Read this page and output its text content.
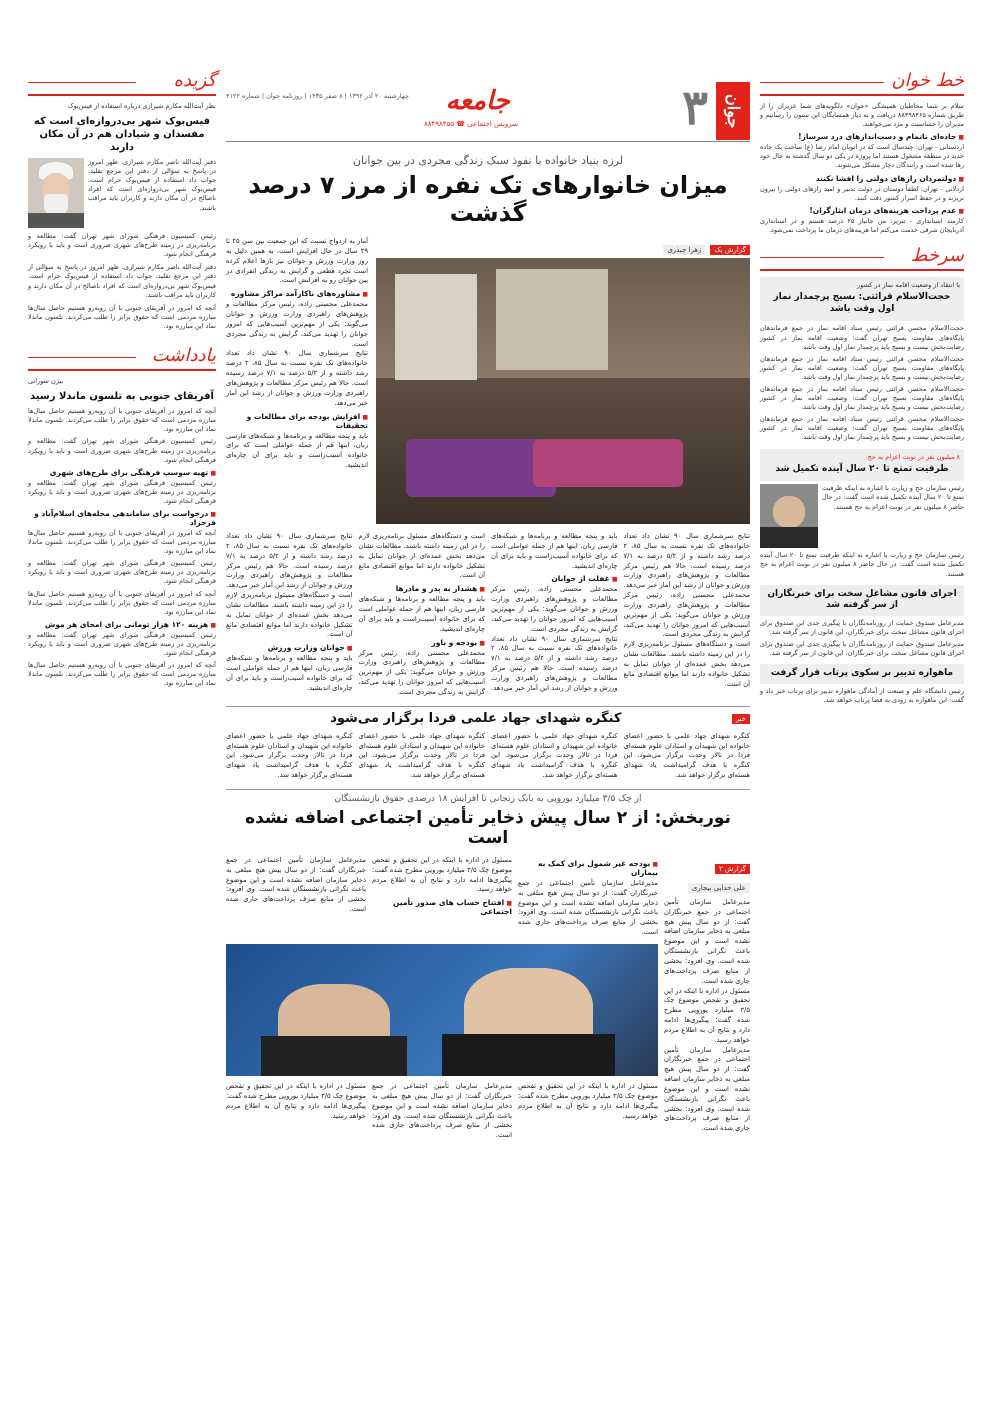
جوان
۳
جامعه
سرویس اجتماعی ☎ ۸۸۴۹۸۴۵۵
چهارشنبه ۲۰ آذر ۱۳۹۲ | ۸ صفر ۱۴۳۵ | روزنامه جوان | شماره ۴۱۲۲
گزیده
نظر آیت‌الله مکارم شیرازی درباره استفاده از فیس‌بوک
فیس‌بوک شهر بی‌دروازه‌ای است که مفسدان و شیادان هم در آن مکان دارند
دفتر آیت‌الله ناصر مکارم شیرازی، ظهر امروز در پاسخ به سؤالی از دفتر این مرجع تقلید، جواب داد استفاده از فیس‌بوک حرام است. فیس‌بوک شهر بی‌دروازه‌ای است که افراد ناصالح در آن مکان دارند و کاربران باید مراقب باشند.
رئیس کمیسیون فرهنگی شورای شهر تهران گفت: مطالعه و برنامه‌ریزی در زمینه طرح‌های شهری ضروری است و باید با رویکرد فرهنگی انجام شود.
دفتر آیت‌الله ناصر مکارم شیرازی، ظهر امروز در پاسخ به سؤالی از دفتر این مرجع تقلید، جواب داد استفاده از فیس‌بوک حرام است. فیس‌بوک شهر بی‌دروازه‌ای است که افراد ناصالح در آن مکان دارند و کاربران باید مراقب باشند.
آنچه که امروز در آفریقای جنوبی با آن روبه‌رو هستیم حاصل سال‌ها مبارزه مردمی است که حقوق برابر را طلب می‌کردند. نلسون ماندلا نماد این مبارزه بود.
یادداشت
بیژن سورانی
آفریقای جنوبی به تلسون ماندلا رسید
آنچه که امروز در آفریقای جنوبی با آن روبه‌رو هستیم حاصل سال‌ها مبارزه مردمی است که حقوق برابر را طلب می‌کردند. نلسون ماندلا نماد این مبارزه بود.
رئیس کمیسیون فرهنگی شورای شهر تهران گفت: مطالعه و برنامه‌ریزی در زمینه طرح‌های شهری ضروری است و باید با رویکرد فرهنگی انجام شود.
■ تهیه سوسپ فرهنگی برای طرح‌های شهری
رئیس کمیسیون فرهنگی شورای شهر تهران گفت: مطالعه و برنامه‌ریزی در زمینه طرح‌های شهری ضروری است و باید با رویکرد فرهنگی انجام شود.
■ درخواست برای ساماندهی محله‌های اسلام‌آباد و فرحزاد
آنچه که امروز در آفریقای جنوبی با آن روبه‌رو هستیم حاصل سال‌ها مبارزه مردمی است که حقوق برابر را طلب می‌کردند. نلسون ماندلا نماد این مبارزه بود.
رئیس کمیسیون فرهنگی شورای شهر تهران گفت: مطالعه و برنامه‌ریزی در زمینه طرح‌های شهری ضروری است و باید با رویکرد فرهنگی انجام شود.
آنچه که امروز در آفریقای جنوبی با آن روبه‌رو هستیم حاصل سال‌ها مبارزه مردمی است که حقوق برابر را طلب می‌کردند. نلسون ماندلا نماد این مبارزه بود.
■ هزینه ۱۲۰ هزار تومانی برای امحای هر موش
رئیس کمیسیون فرهنگی شورای شهر تهران گفت: مطالعه و برنامه‌ریزی در زمینه طرح‌های شهری ضروری است و باید با رویکرد فرهنگی انجام شود.
آنچه که امروز در آفریقای جنوبی با آن روبه‌رو هستیم حاصل سال‌ها مبارزه مردمی است که حقوق برابر را طلب می‌کردند. نلسون ماندلا نماد این مبارزه بود.
لرزه بنیاد خانواده با نفوذ سبک زندگی مجردی در بین جوانان
میزان خانوارهای تک نفره از مرز ۷ درصد گذشت
گزارش یک زهرا چیذری
آمار به ازدواج نسبت که این جمعیت بین سن ۲۵ تا ۲۹ سال در حال افزایش است. به همین دلیل به روز وزارت ورزش و جوانان نیز بارها اعلام کرده است تجرد قطعی و گرایش به زندگی انفرادی در بین جوانان رو به افزایش است.
■ مشاوره‌های ناکارآمد مراکز مشاوره
محمدعلی محسنی زاده، رئیس مرکز مطالعات و پژوهش‌های راهبردی وزارت ورزش و جوانان می‌گوید: یکی از مهم‌ترین آسیب‌هایی که امروز جوانان را تهدید می‌کند، گرایش به زندگی مجردی است.
تتایج سرشماری سال ۹۰ نشان داد تعداد خانواده‌های تک نفره نسبت به سال ۸۵، ۲ درصد رشد داشته و از ۵/۲ درصد به ۷/۱ درصد رسیده است. حالا هم رئیس مرکز مطالعات و پژوهش‌های راهبردی وزارت ورزش و جوانان از رشد این آمار خبر می‌دهد.
■ افزایش بودجه برای مطالعات و تحقیقات
باید و پنجه مطالعه و برنامه‌ها و شبکه‌های فارسی زبان، اینها هم از جمله عواملی است که برای خانواده آسیب‌زاست و باید برای آن چاره‌ای اندیشید.
تتایج سرشماری سال ۹۰ نشان داد تعداد خانواده‌های تک نفره نسبت به سال ۸۵، ۲ درصد رشد داشته و از ۵/۲ درصد به ۷/۱ درصد رسیده است. حالا هم رئیس مرکز مطالعات و پژوهش‌های راهبردی وزارت ورزش و جوانان از رشد این آمار خبر می‌دهد.
محمدعلی محسنی زاده، رئیس مرکز مطالعات و پژوهش‌های راهبردی وزارت ورزش و جوانان می‌گوید: یکی از مهم‌ترین آسیب‌هایی که امروز جوانان را تهدید می‌کند، گرایش به زندگی مجردی است.
است و دستگاه‌های مسئول برنامه‌ریزی لازم را در این زمینه داشته باشند. مطالعات نشان می‌دهد بخش عمده‌ای از جوانان تمایل به تشکیل خانواده دارند اما موانع اقتصادی مانع آن است.
باید و پنجه مطالعه و برنامه‌ها و شبکه‌های فارسی زبان، اینها هم از جمله عواملی است که برای خانواده آسیب‌زاست و باید برای آن چاره‌ای اندیشید.
■ غفلت از جوانان
محمدعلی محسنی زاده، رئیس مرکز مطالعات و پژوهش‌های راهبردی وزارت ورزش و جوانان می‌گوید: یکی از مهم‌ترین آسیب‌هایی که امروز جوانان را تهدید می‌کند، گرایش به زندگی مجردی است.
تتایج سرشماری سال ۹۰ نشان داد تعداد خانواده‌های تک نفره نسبت به سال ۸۵، ۲ درصد رشد داشته و از ۵/۲ درصد به ۷/۱ درصد رسیده است. حالا هم رئیس مرکز مطالعات و پژوهش‌های راهبردی وزارت ورزش و جوانان از رشد این آمار خبر می‌دهد.
است و دستگاه‌های مسئول برنامه‌ریزی لازم را در این زمینه داشته باشند. مطالعات نشان می‌دهد بخش عمده‌ای از جوانان تمایل به تشکیل خانواده دارند اما موانع اقتصادی مانع آن است.
■ هشدار به پدر و مادرها
باید و پنجه مطالعه و برنامه‌ها و شبکه‌های فارسی زبان، اینها هم از جمله عواملی است که برای خانواده آسیب‌زاست و باید برای آن چاره‌ای اندیشید.
■ بودجه و باور
محمدعلی محسنی زاده، رئیس مرکز مطالعات و پژوهش‌های راهبردی وزارت ورزش و جوانان می‌گوید: یکی از مهم‌ترین آسیب‌هایی که امروز جوانان را تهدید می‌کند، گرایش به زندگی مجردی است.
تتایج سرشماری سال ۹۰ نشان داد تعداد خانواده‌های تک نفره نسبت به سال ۸۵، ۲ درصد رشد داشته و از ۵/۲ درصد به ۷/۱ درصد رسیده است. حالا هم رئیس مرکز مطالعات و پژوهش‌های راهبردی وزارت ورزش و جوانان از رشد این آمار خبر می‌دهد.
است و دستگاه‌های مسئول برنامه‌ریزی لازم را در این زمینه داشته باشند. مطالعات نشان می‌دهد بخش عمده‌ای از جوانان تمایل به تشکیل خانواده دارند اما موانع اقتصادی مانع آن است.
■ جوانان وزارت ورزش
باید و پنجه مطالعه و برنامه‌ها و شبکه‌های فارسی زبان، اینها هم از جمله عواملی است که برای خانواده آسیب‌زاست و باید برای آن چاره‌ای اندیشید.
خبر
کنگره شهدای جهاد علمی فردا برگزار می‌شود
کنگره شهدای جهاد علمی با حضور اعضای خانواده این شهیدان و استادان علوم هسته‌ای فردا در تالار وحدت برگزار می‌شود. این کنگره با هدف گرامیداشت یاد شهدای هسته‌ای برگزار خواهد شد.
کنگره شهدای جهاد علمی با حضور اعضای خانواده این شهیدان و استادان علوم هسته‌ای فردا در تالار وحدت برگزار می‌شود. این کنگره با هدف گرامیداشت یاد شهدای هسته‌ای برگزار خواهد شد.
کنگره شهدای جهاد علمی با حضور اعضای خانواده این شهیدان و استادان علوم هسته‌ای فردا در تالار وحدت برگزار می‌شود. این کنگره با هدف گرامیداشت یاد شهدای هسته‌ای برگزار خواهد شد.
کنگره شهدای جهاد علمی با حضور اعضای خانواده این شهیدان و استادان علوم هسته‌ای فردا در تالار وحدت برگزار می‌شود. این کنگره با هدف گرامیداشت یاد شهدای هسته‌ای برگزار خواهد شد.
از چک ۳/۵ میلیارد یورویی به بابک زنجانی تا افزایش ۱۸ درصدی حقوق بازنشستگان
نوربخش: از ۲ سال پیش ذخایر تأمین اجتماعی اضافه نشده است
گزارش ۲ علی خدابی بیجاری
مدیرعامل سازمان تأمین اجتماعی در جمع خبرنگاران گفت: از دو سال پیش هیچ مبلغی به ذخایر سازمان اضافه نشده است و این موضوع باعث نگرانی بازنشستگان شده است. وی افزود: بخشی از منابع صرف پرداخت‌های جاری شده است.
مسئول در اداره با اینکه در این تحقیق و تفحص موضوع چک ۳/۵ میلیارد یورویی مطرح شده گفت: پیگیری‌ها ادامه دارد و نتایج آن به اطلاع مردم خواهد رسید.
مدیرعامل سازمان تأمین اجتماعی در جمع خبرنگاران گفت: از دو سال پیش هیچ مبلغی به ذخایر سازمان اضافه نشده است و این موضوع باعث نگرانی بازنشستگان شده است. وی افزود: بخشی از منابع صرف پرداخت‌های جاری شده است.
■ بودجه غیر شمول برای کمک به بیماران
مدیرعامل سازمان تأمین اجتماعی در جمع خبرنگاران گفت: از دو سال پیش هیچ مبلغی به ذخایر سازمان اضافه نشده است و این موضوع باعث نگرانی بازنشستگان شده است. وی افزود: بخشی از منابع صرف پرداخت‌های جاری شده است.
مسئول در اداره با اینکه در این تحقیق و تفحص موضوع چک ۳/۵ میلیارد یورویی مطرح شده گفت: پیگیری‌ها ادامه دارد و نتایج آن به اطلاع مردم خواهد رسید.
■ افتتاح حساب های صدور تأمین اجتماعی
مدیرعامل سازمان تأمین اجتماعی در جمع خبرنگاران گفت: از دو سال پیش هیچ مبلغی به ذخایر سازمان اضافه نشده است و این موضوع باعث نگرانی بازنشستگان شده است. وی افزود: بخشی از منابع صرف پرداخت‌های جاری شده است.
مسئول در اداره با اینکه در این تحقیق و تفحص موضوع چک ۳/۵ میلیارد یورویی مطرح شده گفت: پیگیری‌ها ادامه دارد و نتایج آن به اطلاع مردم خواهد رسید.
مدیرعامل سازمان تأمین اجتماعی در جمع خبرنگاران گفت: از دو سال پیش هیچ مبلغی به ذخایر سازمان اضافه نشده است و این موضوع باعث نگرانی بازنشستگان شده است. وی افزود: بخشی از منابع صرف پرداخت‌های جاری شده است.
مسئول در اداره با اینکه در این تحقیق و تفحص موضوع چک ۳/۵ میلیارد یورویی مطرح شده گفت: پیگیری‌ها ادامه دارد و نتایج آن به اطلاع مردم خواهد رسید.
خط خوان
سلام بر شما مخاطبان همیشگی «جوان» دلگویه‌های شما عزیزان را از طریق شماره ۸۸۴۹۸۴۶۵ دریافت و به دیار همسایگان این ستون را رسانیم و مدیران را حساسیت و مزد می‌خواهند.
■ جاده‌ای ناتمام و دست‌اندازهای درد سرساز!
اردستانی - تهران: چندسال است که در اتوبان امام رضا (ع) ساخت یک جاده جدید در منطقه مشغول هستند اما پروژه در یکی دو سال گذشته به حال خود رها شده است و رانندگان دچار مشکل می‌شوند.
■ دولتمردان رازهای دولتی را افشا نکنند
اردلانی - تهران: لطفاً دوستان در دولت تدبیر و امید رازهای دولتی را بیرون نریزند و در حفظ اسرار کشور دقت کنند.
■ عدم پرداخت هزینه‌های درمان ایثارگران!
کارمند استانداری - تبریز: من جانباز ۲۵ درصد هستم و در استانداری آذربایجان شرقی خدمت می‌کنم اما هزینه‌های درمان ما پرداخت نمی‌شود.
سرخط
با انتقاد از وضعیت اقامه نماز در کشور
حجت‌الاسلام قرائتی: بسیج پرچمدار نماز اول وقت باشد
حجت‌الاسلام محسن قرائتی رئیس ستاد اقامه نماز در جمع فرماندهان پایگاه‌های مقاومت بسیج تهران گفت: وضعیت اقامه نماز در کشور رضایت‌بخش نیست و بسیج باید پرچمدار نماز اول وقت باشد.
حجت‌الاسلام محسن قرائتی رئیس ستاد اقامه نماز در جمع فرماندهان پایگاه‌های مقاومت بسیج تهران گفت: وضعیت اقامه نماز در کشور رضایت‌بخش نیست و بسیج باید پرچمدار نماز اول وقت باشد.
حجت‌الاسلام محسن قرائتی رئیس ستاد اقامه نماز در جمع فرماندهان پایگاه‌های مقاومت بسیج تهران گفت: وضعیت اقامه نماز در کشور رضایت‌بخش نیست و بسیج باید پرچمدار نماز اول وقت باشد.
حجت‌الاسلام محسن قرائتی رئیس ستاد اقامه نماز در جمع فرماندهان پایگاه‌های مقاومت بسیج تهران گفت: وضعیت اقامه نماز در کشور رضایت‌بخش نیست و بسیج باید پرچمدار نماز اول وقت باشد.
۸ میلیون نفر در نوبت اعزام به حج
ظرفیت تمتع تا ۲۰ سال آینده تکمیل شد
رئیس سازمان حج و زیارت با اشاره به اینکه ظرفیت تمتع تا ۲۰ سال آینده تکمیل شده است گفت: در حال حاضر ۸ میلیون نفر در نوبت اعزام به حج هستند.
رئیس سازمان حج و زیارت با اشاره به اینکه ظرفیت تمتع تا ۲۰ سال آینده تکمیل شده است گفت: در حال حاضر ۸ میلیون نفر در نوبت اعزام به حج هستند.
اجرای قانون مشاغل سخت برای خبرنگاران از سر گرفته شد
مدیرعامل صندوق حمایت از روزنامه‌نگاران با پیگیری جدی این صندوق برای اجرای قانون مشاغل سخت برای خبرنگاران، این قانون از سر گرفته شد.
مدیرعامل صندوق حمایت از روزنامه‌نگاران با پیگیری جدی این صندوق برای اجرای قانون مشاغل سخت برای خبرنگاران، این قانون از سر گرفته شد.
ماهواره تدبیر بر سکوی پرتاب قرار گرفت
رئیس دانشگاه علم و صنعت از آمادگی ماهواره تدبیر برای پرتاب خبر داد و گفت: این ماهواره به زودی به فضا پرتاب خواهد شد.
